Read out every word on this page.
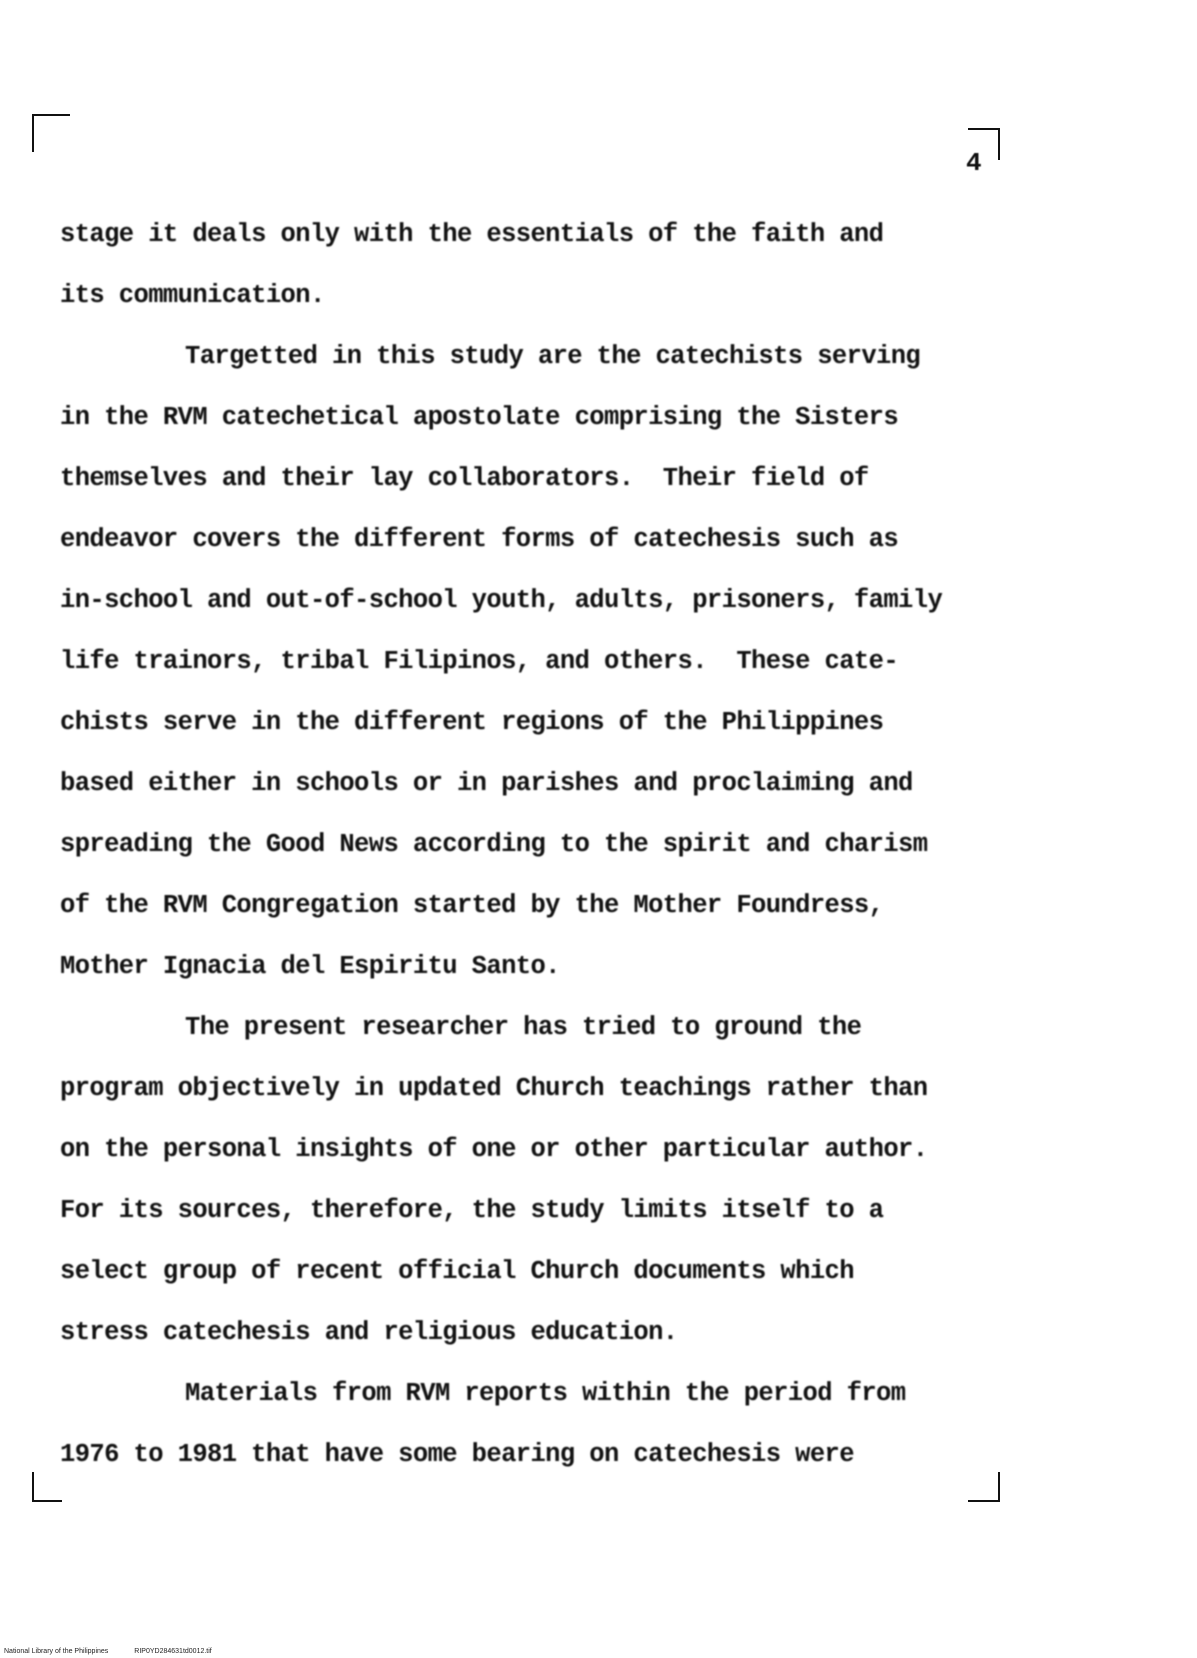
4
stage it deals only with the essentials of the faith and
its communication.
Targetted in this study are the catechists serving
in the RVM catechetical apostolate comprising the Sisters
themselves and their lay collaborators.  Their field of
endeavor covers the different forms of catechesis such as
in-school and out-of-school youth, adults, prisoners, family
life trainors, tribal Filipinos, and others.  These cate-
chists serve in the different regions of the Philippines
based either in schools or in parishes and proclaiming and
spreading the Good News according to the spirit and charism
of the RVM Congregation started by the Mother Foundress,
Mother Ignacia del Espiritu Santo.
The present researcher has tried to ground the
program objectively in updated Church teachings rather than
on the personal insights of one or other particular author.
For its sources, therefore, the study limits itself to a
select group of recent official Church documents which
stress catechesis and religious education.
Materials from RVM reports within the period from
1976 to 1981 that have some bearing on catechesis were
National Library of the Philippines	RIP0YD284631td0012.tif
